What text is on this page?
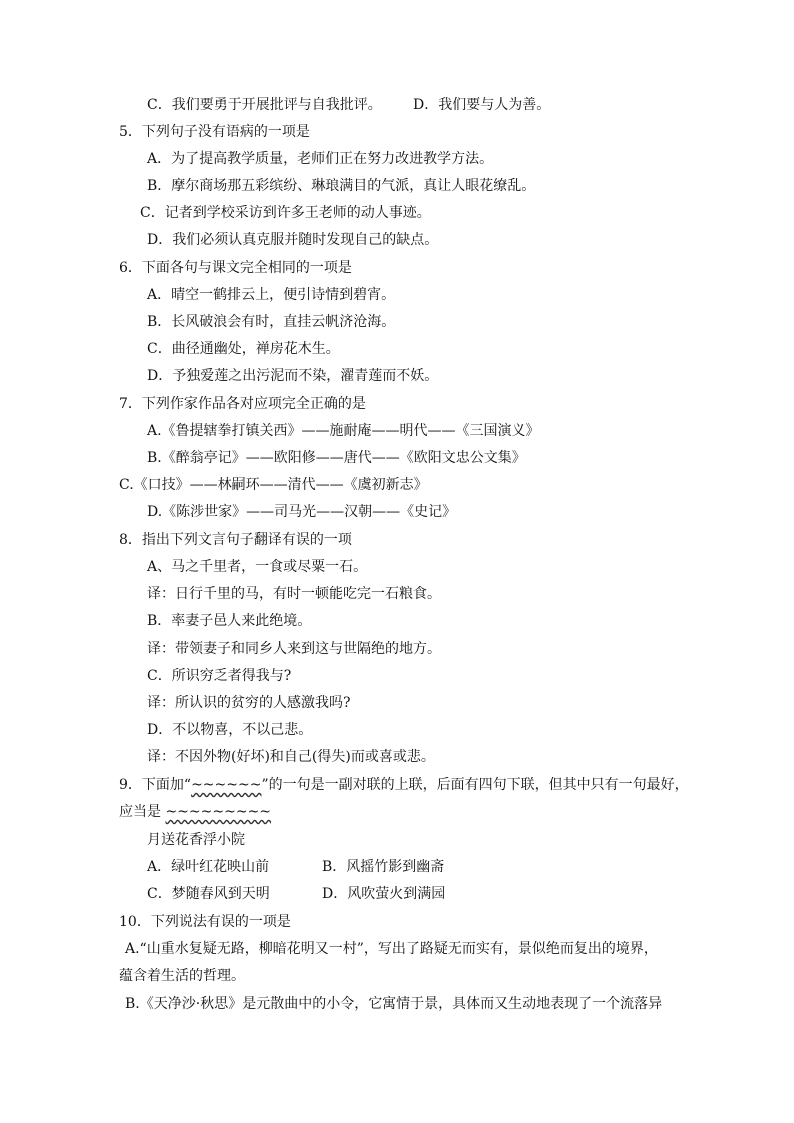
C．我们要勇于开展批评与自我批评。 D．我们要与人为善。
5．下列句子没有语病的一项是
A．为了提高教学质量，老师们正在努力改进教学方法。
B．摩尔商场那五彩缤纷、琳琅满目的气派，真让人眼花缭乱。
C．记者到学校采访到许多王老师的动人事迹。
D．我们必须认真克服并随时发现自己的缺点。
6．下面各句与课文完全相同的一项是
A．晴空一鹤排云上，便引诗情到碧宵。
B．长风破浪会有时，直挂云帆济沧海。
C．曲径通幽处，禅房花木生。
D．予独爱莲之出污泥而不染，濯青莲而不妖。
7．下列作家作品各对应项完全正确的是
A.《鲁提辖拳打镇关西》——施耐庵——明代——《三国演义》
B.《醉翁亭记》——欧阳修——唐代——《欧阳文忠公文集》
C.《口技》——林嗣环——清代——《虞初新志》
D.《陈涉世家》——司马光——汉朝——《史记》
8．指出下列文言句子翻译有误的一项
A、马之千里者，一食或尽粟一石。
译：日行千里的马，有时一顿能吃完一石粮食。
B．率妻子邑人来此绝境。
译：带领妻子和同乡人来到这与世隔绝的地方。
C．所识穷乏者得我与?
译：所认识的贫穷的人感激我吗?
D．不以物喜，不以己悲。
译：不因外物(好坏)和自己(得失)而或喜或悲。
9．下面加“~~~~~~”的一句是一副对联的上联，后面有四句下联，但其中只有一句最好，
应当是 ~~~~~~~~~
月送花香浮小院
A．绿叶红花映山前	B．风摇竹影到幽斋
C．梦随春风到天明	D．风吹萤火到满园
10．下列说法有误的一项是
A.“山重水复疑无路，柳暗花明又一村”，写出了路疑无而实有，景似绝而复出的境界，
蕴含着生活的哲理。
B.《天净沙·秋思》是元散曲中的小令，它寓情于景，具体而又生动地表现了一个流落异
